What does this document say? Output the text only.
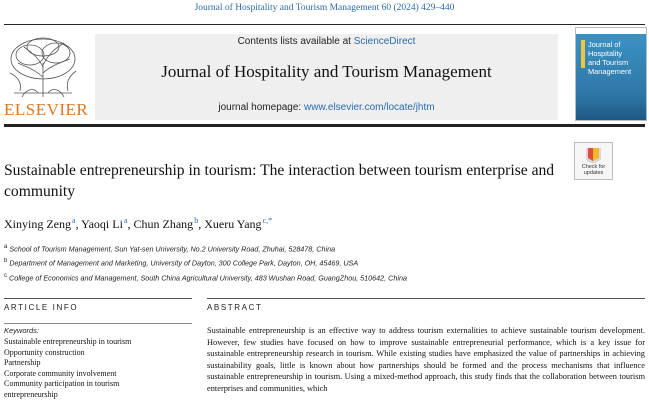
Journal of Hospitality and Tourism Management 60 (2024) 429–440
ELSEVIER
Contents lists available at ScienceDirect
Journal of Hospitality and Tourism Management
journal homepage: www.elsevier.com/locate/jhtm
Journal of
Hospitality
and Tourism
Management
Check for updates
Sustainable entrepreneurship in tourism: The interaction between tourism enterprise and community
Xinying Zeng $^a$, Yaoqi Li $^a$, Chun Zhang $^b$, Xueru Yang $^{c,*}$
$^a$ School of Tourism Management, Sun Yat-sen University, No.2 University Road, Zhuhai, 528478, China
$^b$ Department of Management and Marketing, University of Dayton, 300 College Park, Dayton, OH, 45469, USA
$^c$ College of Economics and Management, South China Agricultural University, 483 Wushan Road, GuangZhou, 510642, China
ARTICLE INFO	ABSTRACT
Keywords:
Sustainable entrepreneurship in tourism
Opportunity construction
Partnership
Corporate community involvement
Community participation in tourism
entrepreneurship
Sustainable entrepreneurship is an effective way to address tourism externalities to achieve sustainable tourism development. However, few studies have focused on how to improve sustainable entrepreneurial performance, which is a key issue for sustainable entrepreneurship research in tourism. While existing studies have emphasized the value of partnerships in achieving sustainability goals, little is known about how partnerships should be formed and the process mechanisms that influence sustainable entrepreneurship in tourism. Using a mixed-method approach, this study finds that the collaboration between tourism enterprises and communities, which
